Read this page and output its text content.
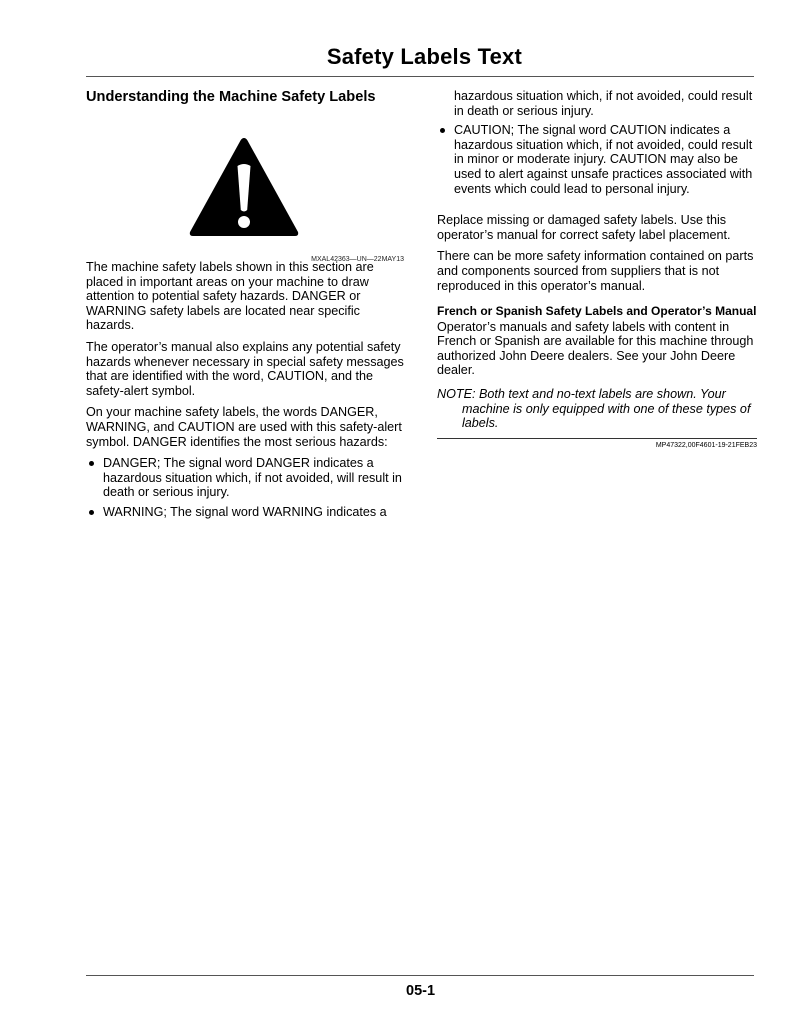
Safety Labels Text
Understanding the Machine Safety Labels
MXAL42363—UN—22MAY13

The machine safety labels shown in this section are placed in important areas on your machine to draw attention to potential safety hazards. DANGER or WARNING safety labels are located near specific hazards.

The operator’s manual also explains any potential safety hazards whenever necessary in special safety messages that are identified with the word, CAUTION, and the safety-alert symbol.

On your machine safety labels, the words DANGER, WARNING, and CAUTION are used with this safety-alert symbol. DANGER identifies the most serious hazards:

DANGER; The signal word DANGER indicates a hazardous situation which, if not avoided, will result in death or serious injury.
WARNING; The signal word WARNING indicates a
hazardous situation which, if not avoided, could result in death or serious injury.
CAUTION; The signal word CAUTION indicates a hazardous situation which, if not avoided, could result in minor or moderate injury. CAUTION may also be used to alert against unsafe practices associated with events which could lead to personal injury.

Replace missing or damaged safety labels. Use this operator’s manual for correct safety label placement.

There can be more safety information contained on parts and components sourced from suppliers that is not reproduced in this operator’s manual.

French or Spanish Safety Labels and Operator’s Manual

Operator’s manuals and safety labels with content in French or Spanish are available for this machine through authorized John Deere dealers. See your John Deere dealer.

NOTE: Both text and no-text labels are shown. Your
machine is only equipped with one of these types of labels.

MP47322,00F4601-19-21FEB23
05-1
